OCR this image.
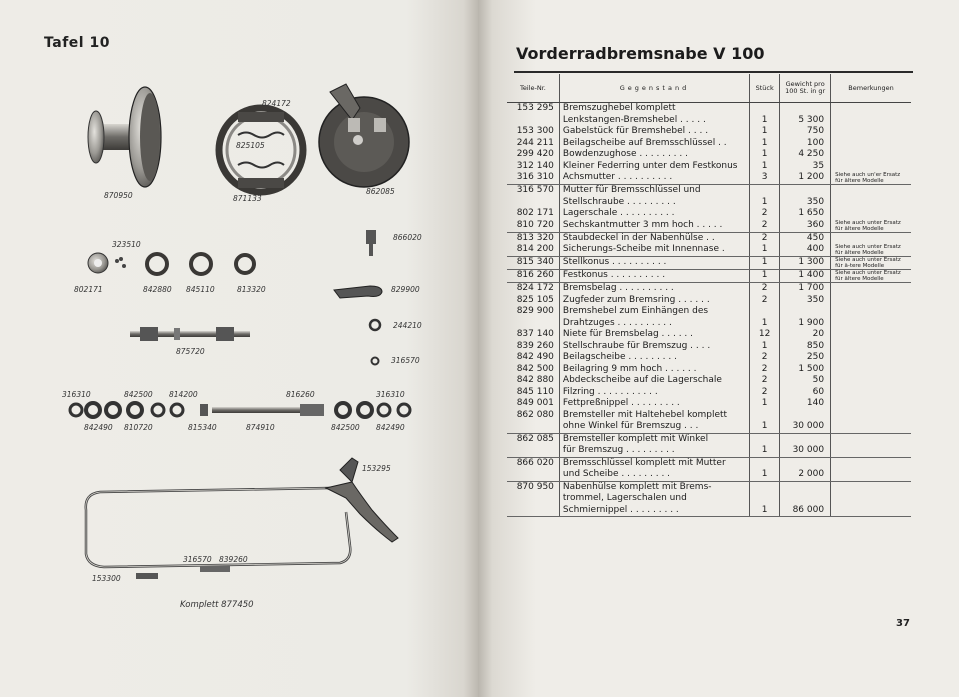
Tafel 10
824172
825105
870950	871133
862085
866020
323510
802171	842880 845110	813320	829900
244210
875720
316570
316310	842500 814200	816260	316310
842490 810720	815340	874910	842500 842490
153295
316570 839260
153300
Komplett 877450
Vorderradbremsnabe V 100
Teile-Nr.	Gegenstand	Stück	Gewicht pro 100 St. in gr	Bemerkungen
153 295	Bremszughebel komplett			
	Lenkstangen-Bremshebel . . . . .	1	5 300	
153 300	Gabelstück für Bremshebel . . . .	1	750	
244 211	Beilagscheibe auf Bremsschlüssel . .	1	100	
299 420	Bowdenzughose . . . . . . . . .	1	4 250	
312 140	Kleiner Federring unter dem Festkonus	1	35	
316 310	Achsmutter . . . . . . . . . .	3	1 200	Siehe auch un'er Ersatz für ältere Modelle
316 570	Mutter für Bremsschlüssel und			
	Stellschraube . . . . . . . . .	1	350	
802 171	Lagerschale . . . . . . . . . .	2	1 650	
810 720	Sechskantmutter 3 mm hoch . . . . .	2	360	Siehe auch unter Ersatz für ältere Modelle
813 320	Staubdeckel in der Nabenhülse . .	2	450	
814 200	Sicherungs-Scheibe mit Innennase .	1	400	Siehe auch unter Ersatz für ältere Modelle
815 340	Stellkonus . . . . . . . . . .	1	1 300	Siehe auch unter Ersatz für ä-tere Modelle
816 260	Festkonus . . . . . . . . . .	1	1 400	Siehe auch unter Ersatz für ältere Modelle
824 172	Bremsbelag . . . . . . . . . .	2	1 700	
825 105	Zugfeder zum Bremsring . . . . . .	2	350	
829 900	Bremshebel zum Einhängen des			
	Drahtzuges . . . . . . . . . .	1	1 900	
837 140	Niete für Bremsbelag . . . . . .	12	20	
839 260	Stellschraube für Bremszug . . . .	1	850	
842 490	Beilagscheibe . . . . . . . . .	2	250	
842 500	Beilagring 9 mm hoch . . . . . .	2	1 500	
842 880	Abdeckscheibe auf die Lagerschale	2	50	
845 110	Filzring . . . . . . . . . . .	2	60	
849 001	Fettpreßnippel . . . . . . . . .	1	140	
862 080	Bremsteller mit Haltehebel komplett			
	ohne Winkel für Bremszug . . .	1	30 000	
862 085	Bremsteller komplett mit Winkel			
	für Bremszug . . . . . . . . .	1	30 000	
866 020	Bremsschlüssel komplett mit Mutter			
	und Scheibe . . . . . . . . .	1	2 000	
870 950	Nabenhülse komplett mit Brems-			
	trommel, Lagerschalen und			
	Schmiernippel . . . . . . . . .	1	86 000	
37
